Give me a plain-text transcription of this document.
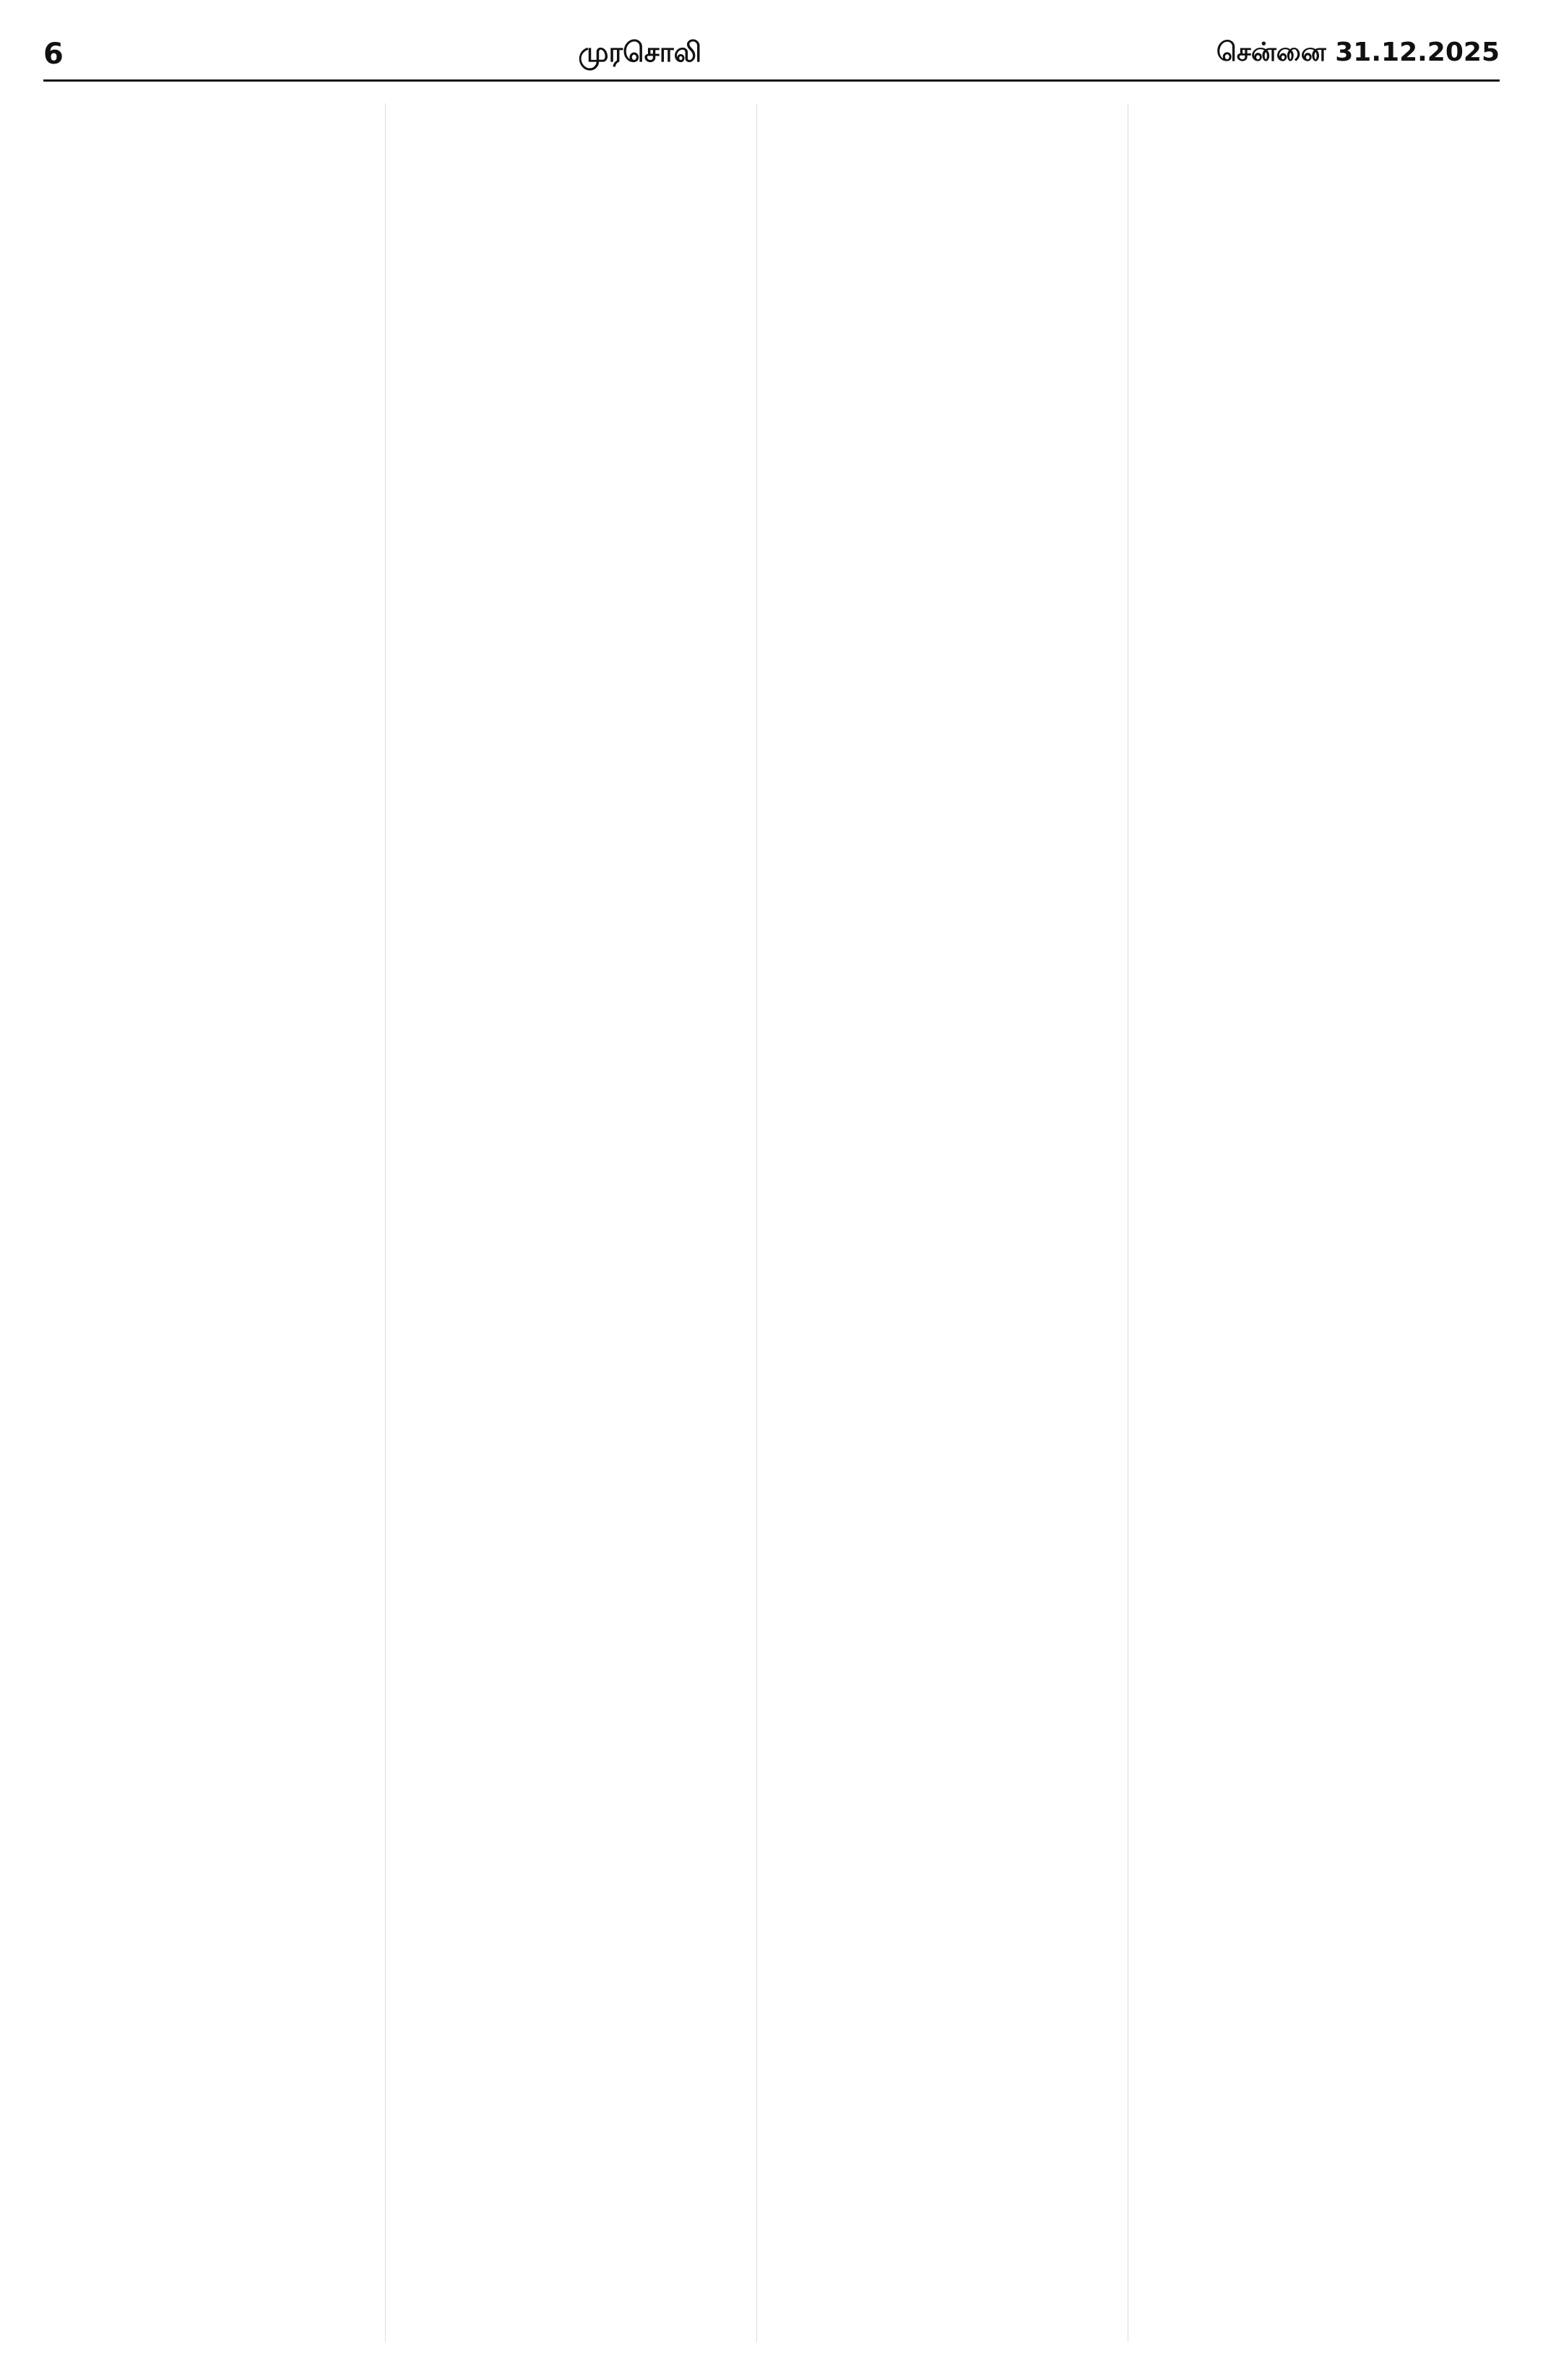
6	முரசொலி	சென்னை 31.12.2025
